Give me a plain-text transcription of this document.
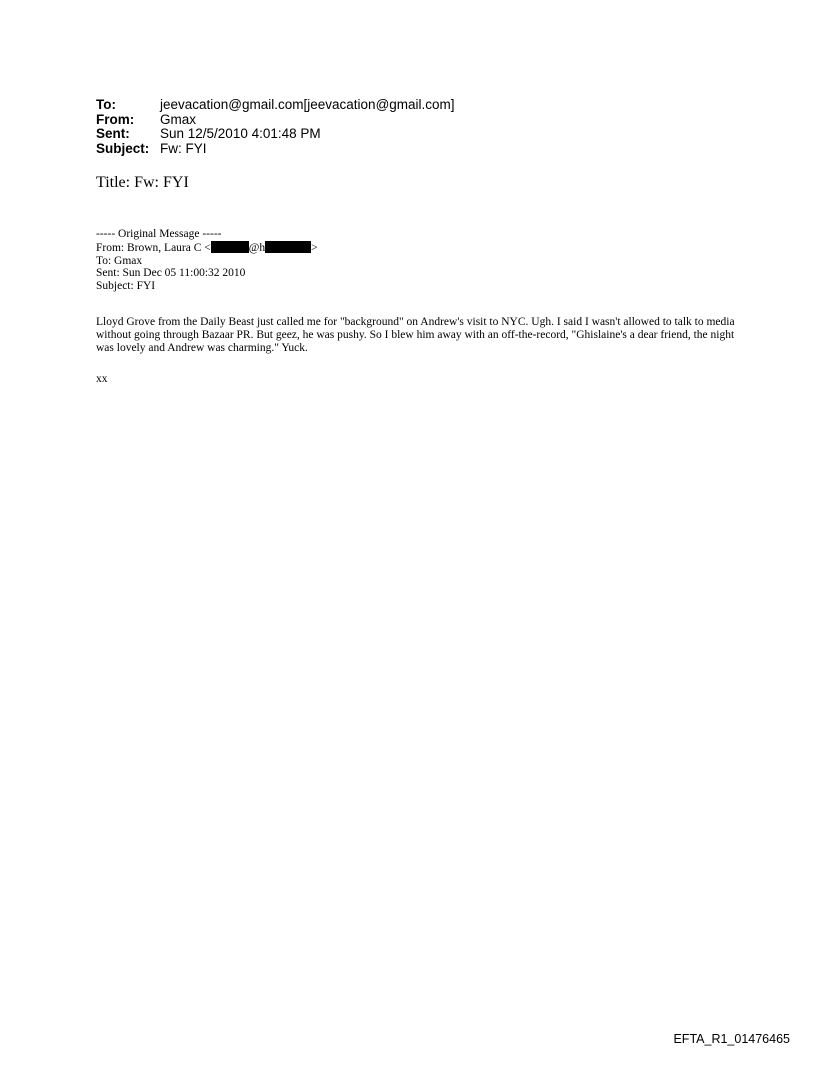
To:	jeevacation@gmail.com[jeevacation@gmail.com]
From:	Gmax
Sent:	Sun 12/5/2010 4:01:48 PM
Subject: Fw: FYI
Title: Fw: FYI
----- Original Message -----
From: Brown, Laura C <	@h	>
To: Gmax
Sent: Sun Dec 05 11:00:32 2010
Subject: FYI
Lloyd Grove from the Daily Beast just called me for "background" on Andrew's visit to NYC. Ugh. I said I wasn't allowed to talk to media without going through Bazaar PR. But geez, he was pushy. So I blew him away with an off-the-record, "Ghislaine's a dear friend, the night was lovely and Andrew was charming." Yuck.
xx
EFTA_R1_01476465
